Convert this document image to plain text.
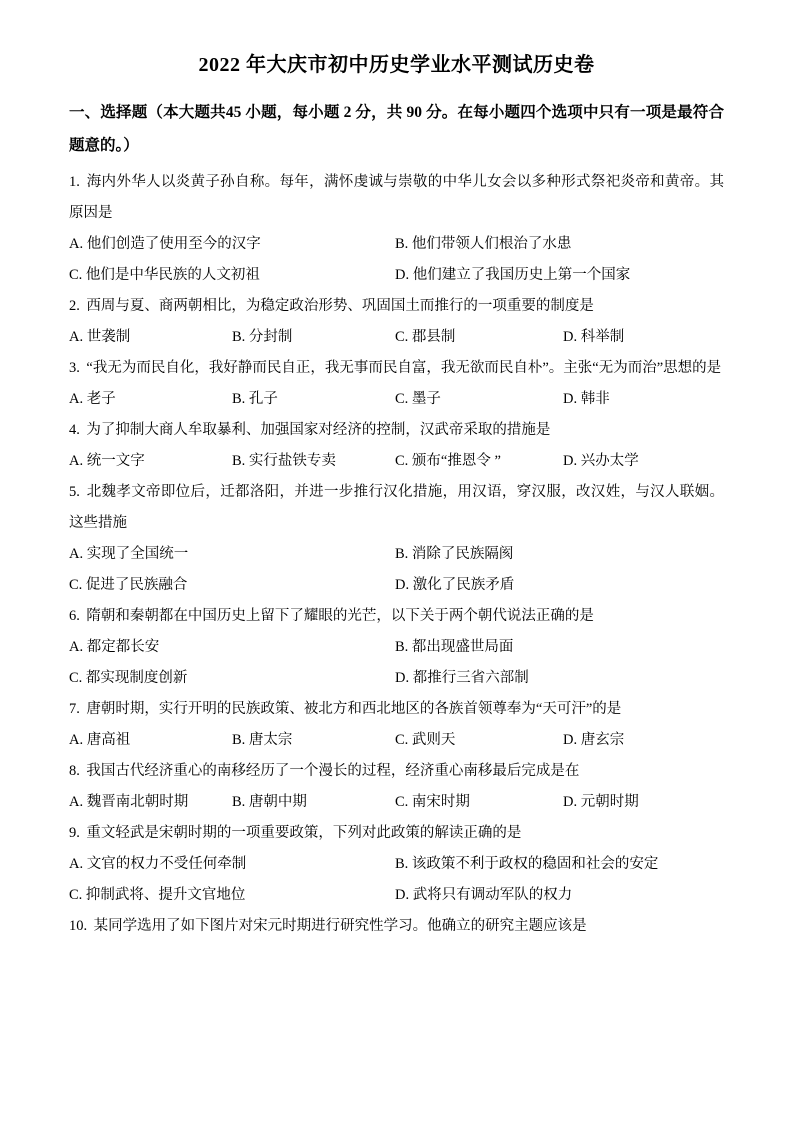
2022 年大庆市初中历史学业水平测试历史卷
一、选择题（本大题共45 小题，每小题 2 分，共 90 分。在每小题四个选项中只有一项是最符合题意的。）

1. 海内外华人以炎黄子孙自称。每年，满怀虔诚与崇敬的中华儿女会以多种形式祭祀炎帝和黄帝。其原因是

A. 他们创造了使用至今的汉字	B. 他们带领人们根治了水患
C. 他们是中华民族的人文初祖	D. 他们建立了我国历史上第一个国家

2. 西周与夏、商两朝相比，为稳定政治形势、巩固国土而推行的一项重要的制度是

A. 世袭制	B. 分封制	C. 郡县制	D. 科举制

3. “我无为而民自化，我好静而民自正，我无事而民自富，我无欲而民自朴”。主张“无为而治”思想的是

A. 老子	B. 孔子	C. 墨子	D. 韩非

4. 为了抑制大商人牟取暴利、加强国家对经济的控制，汉武帝采取的措施是

A. 统一文字	B. 实行盐铁专卖	C. 颁布“推恩令 ”	D. 兴办太学

5. 北魏孝文帝即位后，迁都洛阳，并进一步推行汉化措施，用汉语，穿汉服，改汉姓，与汉人联姻。这些措施

A. 实现了全国统一	B. 消除了民族隔阂
C. 促进了民族融合	D. 激化了民族矛盾

6. 隋朝和秦朝都在中国历史上留下了耀眼的光芒，以下关于两个朝代说法正确的是

A. 都定都长安	B. 都出现盛世局面
C. 都实现制度创新	D. 都推行三省六部制

7. 唐朝时期，实行开明的民族政策、被北方和西北地区的各族首领尊奉为“天可汗”的是

A. 唐高祖	B. 唐太宗	C. 武则天	D. 唐玄宗

8. 我国古代经济重心的南移经历了一个漫长的过程，经济重心南移最后完成是在

A. 魏晋南北朝时期	B. 唐朝中期	C. 南宋时期	D. 元朝时期

9. 重文轻武是宋朝时期的一项重要政策，下列对此政策的解读正确的是

A. 文官的权力不受任何牵制	B. 该政策不利于政权的稳固和社会的安定
C. 抑制武将、提升文官地位	D. 武将只有调动军队的权力

10. 某同学选用了如下图片对宋元时期进行研究性学习。他确立的研究主题应该是
